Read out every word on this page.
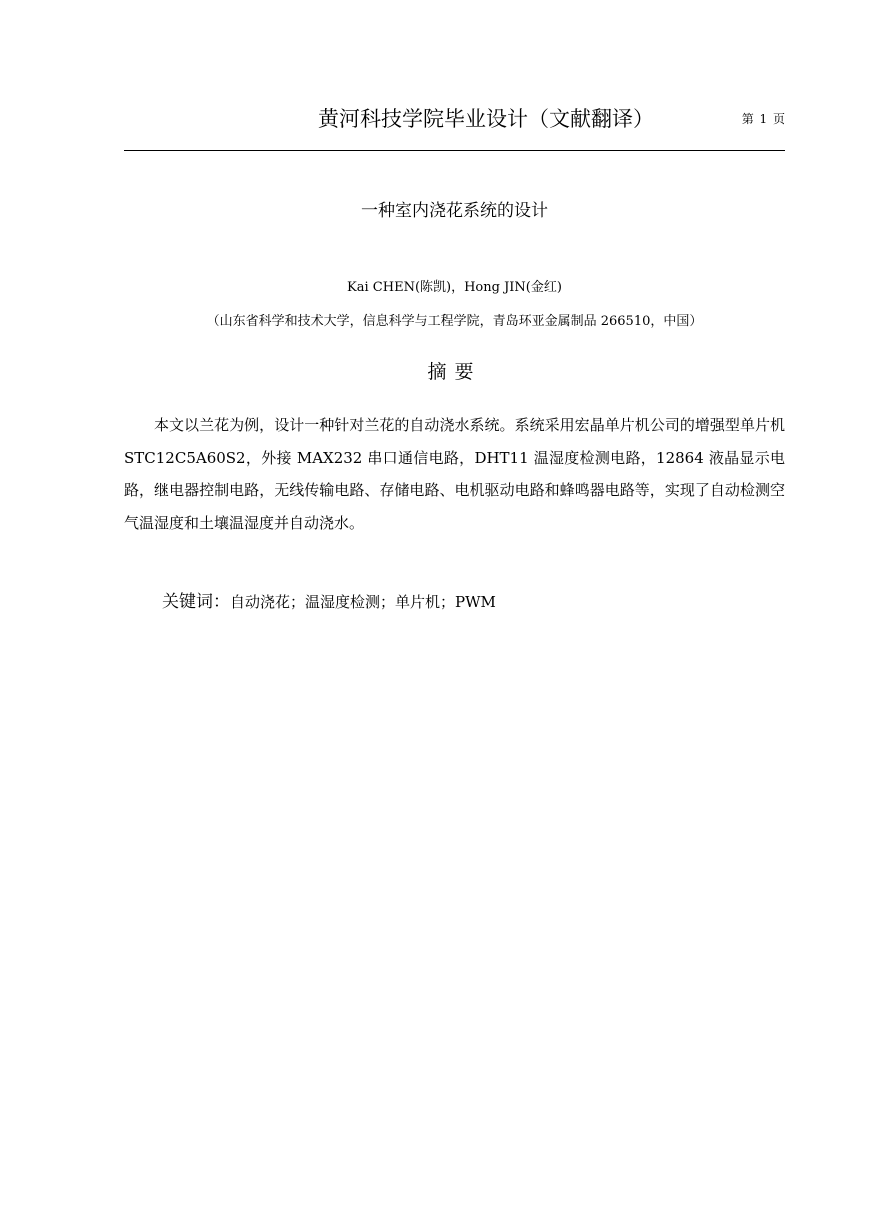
黄河科技学院毕业设计（文献翻译）	第 1 页
一种室内浇花系统的设计
Kai CHEN(陈凯)，Hong JIN(金红)
（山东省科学和技术大学，信息科学与工程学院，青岛环亚金属制品 266510，中国）
摘要

本文以兰花为例，设计一种针对兰花的自动浇水系统。系统采用宏晶单片机公司的增强型单片机 STC12C5A60S2，外接 MAX232 串口通信电路，DHT11 温湿度检测电路，12864 液晶显示电路，继电器控制电路，无线传输电路、存储电路、电机驱动电路和蜂鸣器电路等，实现了自动检测空气温湿度和土壤温湿度并自动浇水。

关键词：自动浇花；温湿度检测；单片机；PWM
